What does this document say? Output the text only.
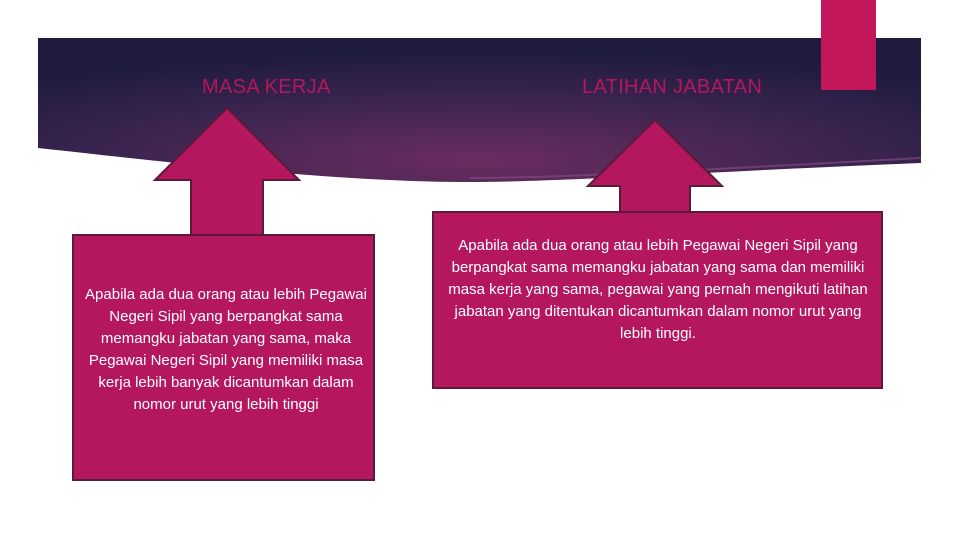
MASA KERJA	LATIHAN JABATAN
Apabila ada dua orang atau lebih Pegawai Negeri Sipil yang berpangkat sama memangku jabatan yang sama, maka Pegawai Negeri Sipil yang memiliki masa kerja lebih banyak dicantumkan dalam nomor urut yang lebih tinggi
Apabila ada dua orang atau lebih Pegawai Negeri Sipil yang berpangkat sama memangku jabatan yang sama dan memiliki masa kerja yang sama, pegawai yang pernah mengikuti latihan jabatan yang ditentukan dicantumkan dalam nomor urut yang lebih tinggi.
